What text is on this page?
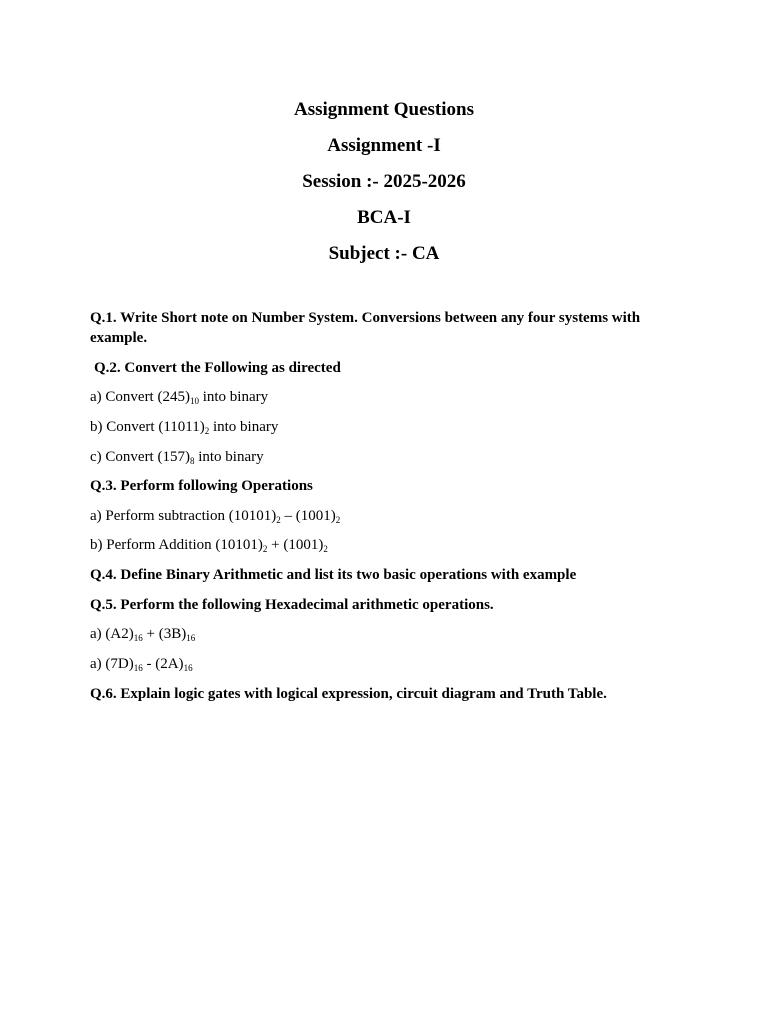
Assignment Questions
Assignment -I
Session :- 2025-2026
BCA-I
Subject :- CA

Q.1. Write Short note on Number System. Conversions between any four systems with example.

Q.2. Convert the Following as directed

a) Convert $(245)_{10}$ into binary

b) Convert $(11011)_2$ into binary

c) Convert $(157)_8$ into binary

Q.3. Perform following Operations

a) Perform subtraction $(10101)_2 - (1001)_2$

b) Perform Addition $(10101)_2 + (1001)_2$

Q.4. Define Binary Arithmetic and list its two basic operations with example

Q.5. Perform the following Hexadecimal arithmetic operations.

a) $(A2)_{16} + (3B)_{16}$

a) $(7D)_{16} - (2A)_{16}$

Q.6. Explain logic gates with logical expression, circuit diagram and Truth Table.
